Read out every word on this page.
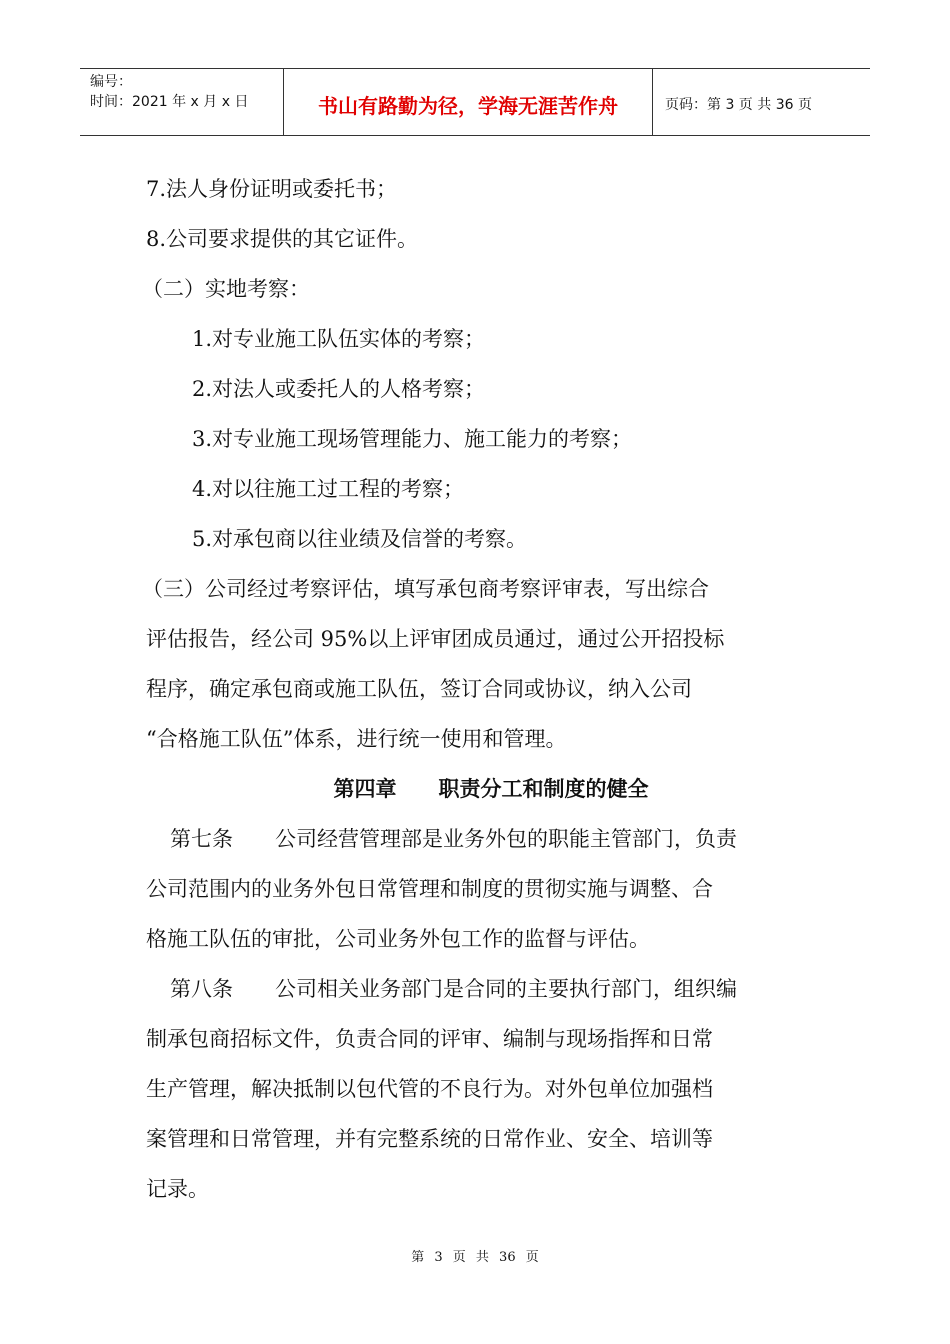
编号：
时间：2021 年 x 月 x 日	书山有路勤为径，学海无涯苦作舟	页码：第 3 页 共 36 页
7.法人身份证明或委托书；
8.公司要求提供的其它证件。
（二）实地考察：
1.对专业施工队伍实体的考察；
2.对法人或委托人的人格考察；
3.对专业施工现场管理能力、施工能力的考察；
4.对以往施工过工程的考察；
5.对承包商以往业绩及信誉的考察。
（三）公司经过考察评估，填写承包商考察评审表，写出综合
评估报告，经公司 95%以上评审团成员通过，通过公开招投标
程序，确定承包商或施工队伍，签订合同或协议，纳入公司
“合格施工队伍”体系，进行统一使用和管理。
第四章 职责分工和制度的健全
第七条 公司经营管理部是业务外包的职能主管部门，负责
公司范围内的业务外包日常管理和制度的贯彻实施与调整、合
格施工队伍的审批，公司业务外包工作的监督与评估。
第八条 公司相关业务部门是合同的主要执行部门，组织编
制承包商招标文件，负责合同的评审、编制与现场指挥和日常
生产管理，解决抵制以包代管的不良行为。对外包单位加强档
案管理和日常管理，并有完整系统的日常作业、安全、培训等
记录。
第 3 页 共 36 页
